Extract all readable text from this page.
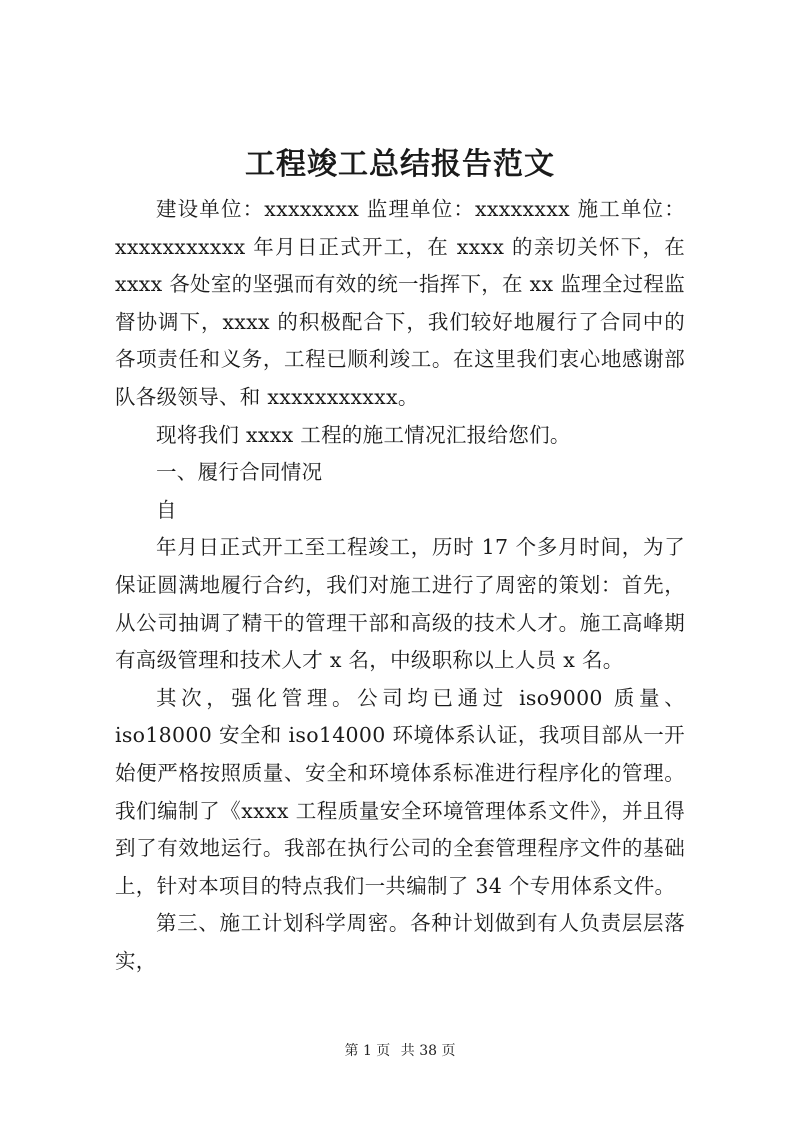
工程竣工总结报告范文

建设单位：xxxxxxxx 监理单位：xxxxxxxx 施工单位：xxxxxxxxxxx 年月日正式开工，在 xxxx 的亲切关怀下，在 xxxx 各处室的坚强而有效的统一指挥下，在 xx 监理全过程监督协调下，xxxx 的积极配合下，我们较好地履行了合同中的各项责任和义务，工程已顺利竣工。在这里我们衷心地感谢部队各级领导、和 xxxxxxxxxxx。

现将我们 xxxx 工程的施工情况汇报给您们。

一、履行合同情况

自

年月日正式开工至工程竣工，历时 17 个多月时间，为了保证圆满地履行合约，我们对施工进行了周密的策划：首先，从公司抽调了精干的管理干部和高级的技术人才。施工高峰期有高级管理和技术人才 x 名，中级职称以上人员 x 名。

其次，强化管理。公司均已通过 iso9000 质量、iso18000 安全和 iso14000 环境体系认证，我项目部从一开始便严格按照质量、安全和环境体系标准进行程序化的管理。我们编制了《xxxx 工程质量安全环境管理体系文件》，并且得到了有效地运行。我部在执行公司的全套管理程序文件的基础上，针对本项目的特点我们一共编制了 34 个专用体系文件。

第三、施工计划科学周密。各种计划做到有人负责层层落实，

第 1 页 共 38 页
